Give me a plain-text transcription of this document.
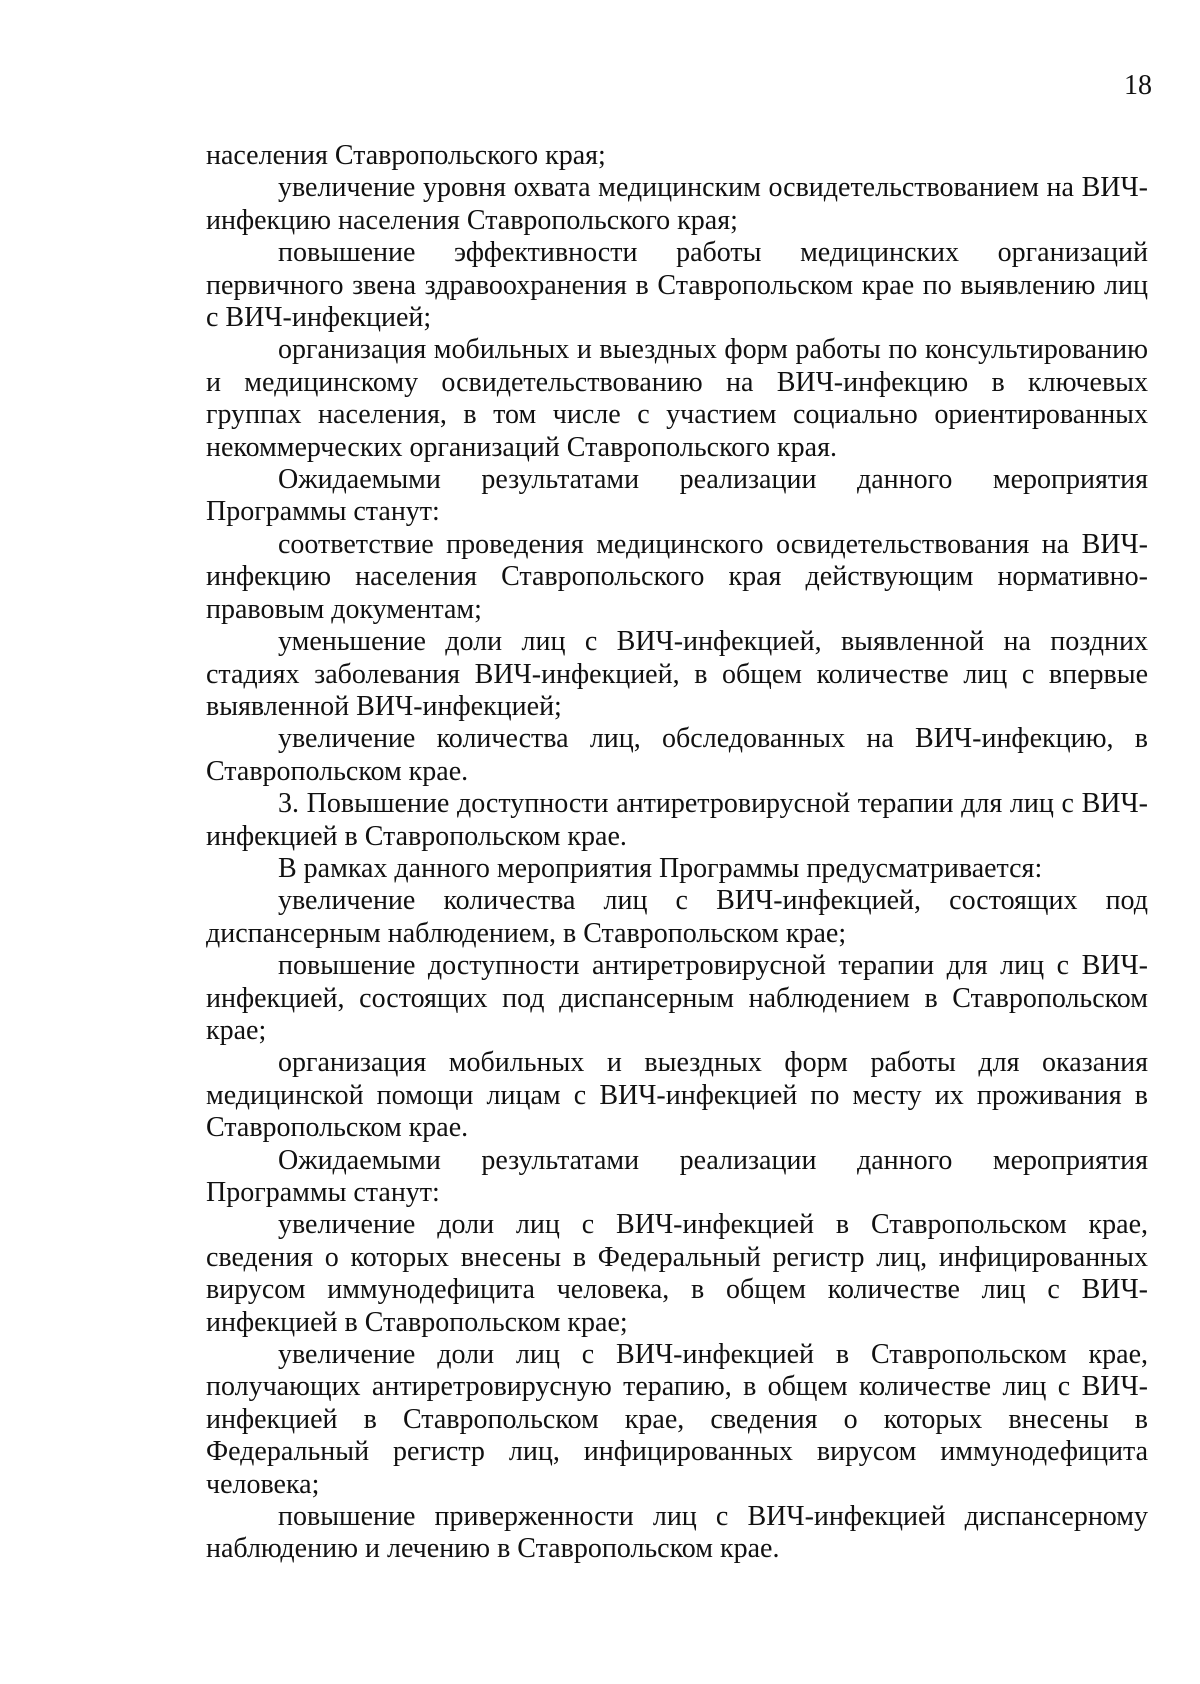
18

населения Ставропольского края;

увеличение уровня охвата медицинским освидетельствованием на ВИЧ-инфекцию населения Ставропольского края;

повышение эффективности работы медицинских организаций первичного звена здравоохранения в Ставропольском крае по выявлению лиц с ВИЧ-инфекцией;

организация мобильных и выездных форм работы по консультированию и медицинскому освидетельствованию на ВИЧ-инфекцию в ключевых группах населения, в том числе с участием социально ориентированных некоммерческих организаций Ставропольского края.

Ожидаемыми результатами реализации данного мероприятия Программы станут:

соответствие проведения медицинского освидетельствования на ВИЧ-инфекцию населения Ставропольского края действующим нормативно-правовым документам;

уменьшение доли лиц с ВИЧ-инфекцией, выявленной на поздних стадиях заболевания ВИЧ-инфекцией, в общем количестве лиц с впервые выявленной ВИЧ-инфекцией;

увеличение количества лиц, обследованных на ВИЧ-инфекцию, в Ставропольском крае.

3. Повышение доступности антиретровирусной терапии для лиц с ВИЧ-инфекцией в Ставропольском крае.

В рамках данного мероприятия Программы предусматривается:

увеличение количества лиц с ВИЧ-инфекцией, состоящих под диспансерным наблюдением, в Ставропольском крае;

повышение доступности антиретровирусной терапии для лиц с ВИЧ-инфекцией, состоящих под диспансерным наблюдением в Ставропольском крае;

организация мобильных и выездных форм работы для оказания медицинской помощи лицам с ВИЧ-инфекцией по месту их проживания в Ставропольском крае.

Ожидаемыми результатами реализации данного мероприятия Программы станут:

увеличение доли лиц с ВИЧ-инфекцией в Ставропольском крае, сведения о которых внесены в Федеральный регистр лиц, инфицированных вирусом иммунодефицита человека, в общем количестве лиц с ВИЧ-инфекцией в Ставропольском крае;

увеличение доли лиц с ВИЧ-инфекцией в Ставропольском крае, получающих антиретровирусную терапию, в общем количестве лиц с ВИЧ-инфекцией в Ставропольском крае, сведения о которых внесены в Федеральный регистр лиц, инфицированных вирусом иммунодефицита человека;

повышение приверженности лиц с ВИЧ-инфекцией диспансерному наблюдению и лечению в Ставропольском крае.
